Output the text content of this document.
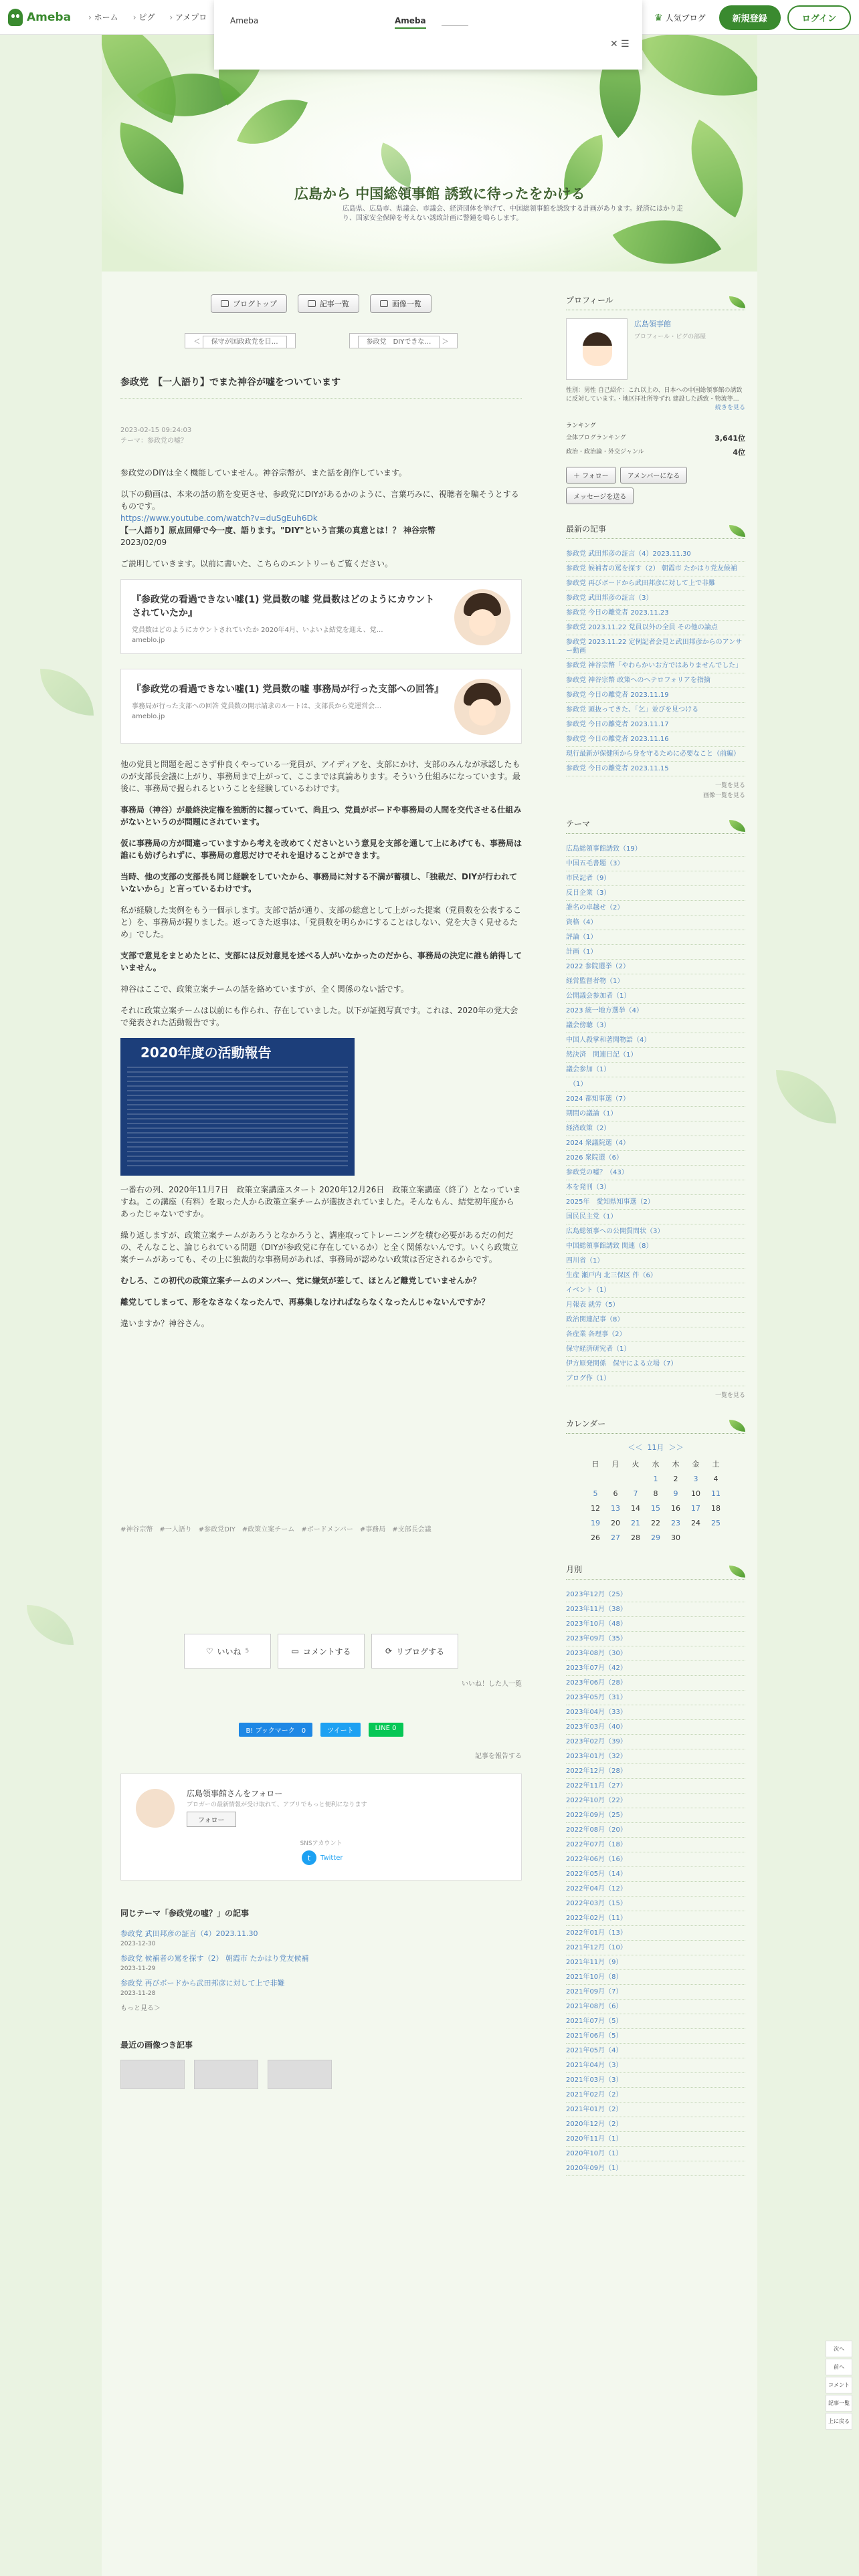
広島から 中国総領事館 誘致に待ったをかける
広島県、広島市、県議会、市議会、経済団体を挙げて、中国総領事館を誘致する計画があります。経済にはかり走り、国家安全保障を考えない誘致計画に警鐘を鳴らします。
Ameba	› ホーム	› ピグ	› アメプロ	♛ 人気ブログ	新規登録	ログイン
Ameba	Ameba
✕ ☰
ブログトップ	記事一覧	画像一覧
＜ 保守が国政政党を目…	参政党　DIYできな… ＞
参政党　【一人語り】でまた神谷が嘘をついています
2023-02-15 09:24:03
テーマ：参政党の嘘？

参政党のDIYは全く機能していません。神谷宗幣が、また話を創作しています。

以下の動画は、本来の話の筋を変更させ、参政党にDIYがあるかのように、言葉巧みに、視聴者を騙そうとするものです。
https://www.youtube.com/watch?v=duSgEuh6Dk
【一人語り】原点回帰で今一度、語ります。"DIY"という言葉の真意とは！？ 神谷宗幣
2023/02/09

ご説明していきます。以前に書いた、こちらのエントリーもご覧ください。

『参政党の看過できない嘘(1) 党員数の嘘 党員数はどのようにカウントされていたか』
党員数はどのようにカウントされていたか 2020年4月、いよいよ結党を迎え、党…
ameblo.jp
『参政党の看過できない嘘(1) 党員数の嘘 事務局が行った支部への回答』
事務局が行った支部への回答 党員数の開示請求のルートは、支部長から党運営会…
ameblo.jp

他の党員と問題を起こさず仲良くやっている一党員が、アイディアを、支部にかけ、支部のみんなが承認したものが支部長会議に上がり、事務局まで上がって、ここまでは真論あります。そういう仕組みになっています。最後に、事務局で握られるということを経験しているわけです。

事務局（神谷）が最終決定権を独断的に握っていて、尚且つ、党員がボードや事務局の人間を交代させる仕組みがないというのが問題にされています。

仮に事務局の方が間違っていますから考えを改めてくださいという意見を支部を通して上にあげても、事務局は誰にも妨げられずに、事務局の意思だけでそれを退けることができます。

当時、他の支部の支部長も同じ経験をしていたから、事務局に対する不満が蓄積し、「独裁だ、DIYが行われていないから」と言っているわけです。

私が経験した実例をもう一個示します。支部で話が通り、支部の総意として上がった提案（党員数を公表すること）を、事務局が握りました。返ってきた返事は、「党員数を明らかにすることはしない、党を大きく見せるため」でした。

支部で意見をまとめたとに、支部には反対意見を述べる人がいなかったのだから、事務局の決定に誰も納得していません。

神谷はここで、政策立案チームの話を絡めていますが、全く関係のない話です。

それに政策立案チームは以前にも作られ、存在していました。以下が証拠写真です。これは、2020年の党大会で発表された活動報告です。

2020年度の活動報告

一番右の列、2020年11月7日　政策立案講座スタート 2020年12月26日　政策立案講座（終了）となっていますね。この講座（有料）を取った人から政策立案チームが選抜されていました。そんなもん、結党初年度からあったじゃないですか。

繰り返しますが、政策立案チームがあろうとなかろうと、講座取ってトレーニングを積む必要があるだの何だの、そんなこと、論じられている問題（DIYが参政党に存在しているか）と全く関係ないんです。いくら政策立案チームがあっても、その上に独裁的な事務局があれば、事務局が認めない政策は否定されるからです。

むしろ、この初代の政策立案チームのメンバー、党に嫌気が差して、ほとんど離党していませんか？

離党してしまって、形をなさなくなったんで、再募集しなければならなくなったんじゃないんですか？

違いますか？神谷さん。

#神谷宗幣 #一人語り #参政党DIY #政策立案チーム #ボードメンバー #事務局 #支部長会議
♡ いいね 5	▭ コメントする	⟳ リブログする
いいね！した人一覧
B! ブックマーク　0	ツイート	LINE 0
記事を報告する
広島領事館さんをフォロー
ブロガーの最新情報が受け取れて、アプリでもっと便利になります
フォロー
SNSアカウント
t	Twitter
同じテーマ「参政党の嘘？」の記事
参政党 武田邦彦の証言（4）2023.11.30
2023-12-30
参政党 候補者の罵を探す（2） 朝霞市 たかはり党友候補
2023-11-29
参政党 再びボードから武田邦彦に対して上で非難
2023-11-28
もっと見る＞
最近の画像つき記事
プロフィール
広島領事館
プロフィール・ピグの部屋
性別：男性 自己紹介：これ以上の、日本への中国総領事館の誘致に反対しています。・地区拝社所等ずれ 建設した誘致・物流等…
続きを見る
ランキング
全体ブログランキング	3,641位
政治・政治論・外交ジャンル	4位
＋ フォロー	アメンバーになる
メッセージを送る
最新の記事
参政党 武田邦彦の証言（4）2023.11.30
参政党 候補者の罵を探す（2） 朝霞市 たかはり党友候補
参政党 再びボードから武田邦彦に対して上で非難
参政党 武田邦彦の証言（3）
参政党 今日の離党者 2023.11.23
参政党 2023.11.22 党員以外の全員 その他の論点
参政党 2023.11.22 定例記者会見と武田邦彦からのアンサー動画
参政党 神谷宗幣「やわらかいお方ではありませんでした」
参政党 神谷宗幣 政策へのヘテロフォリアを指摘
参政党 今日の離党者 2023.11.19
参政党 頭抜ってきた、「乞」並びを見つける
参政党 今日の離党者 2023.11.17
参政党 今日の離党者 2023.11.16
現行最新が保健所から身を守るために必要なこと（前編）
参政党 今日の離党者 2023.11.15
一覧を見る
画像一覧を見る
テーマ
広島総領事館誘致（19）
中国五毛書題（3）
市民記者（9）
反日企業（3）
誰名の卓越せ（2）
資格（4）
評論（1）
計画（1）
2022 参院選挙（2）
経営監督者物（1）
公開議会参加者（1）
2023 統一地方選挙（4）
議会傍聴（3）
中国人殺掌和著聞物語（4）
然決済　関連日記（1）
議会参加（1）
　（1）
2024 都知事選（7）
期間の議論（1）
経済政策（2）
2024 衆議院選（4）
2026 衆院選（6）
参政党の嘘？（43）
本を発刊（3）
2025年　愛知県知事選（2）
国民民主党（1）
広島総領事への公開質問状（3）
中国総領事館誘致 関連（8）
四川省（1）
生産 瀬戸内 北三保区 件（6）
イベント（1）
月報表 就労（5）
政治関連記事（8）
各産業 各理事（2）
保守経済研究者（1）
伊方原発関係　保守による立場（7）
ブログ作（1）
一覧を見る
カレンダー
＜＜ 11月 ＞＞
日	月	火	水	木	金	土
			1	2	3	4
5	6	7	8	9	10	11
12	13	14	15	16	17	18
19	20	21	22	23	24	25
26	27	28	29	30		
月別
2023年12月（25）
2023年11月（38）
2023年10月（48）
2023年09月（35）
2023年08月（30）
2023年07月（42）
2023年06月（28）
2023年05月（31）
2023年04月（33）
2023年03月（40）
2023年02月（39）
2023年01月（32）
2022年12月（28）
2022年11月（27）
2022年10月（22）
2022年09月（25）
2022年08月（20）
2022年07月（18）
2022年06月（16）
2022年05月（14）
2022年04月（12）
2022年03月（15）
2022年02月（11）
2022年01月（13）
2021年12月（10）
2021年11月（9）
2021年10月（8）
2021年09月（7）
2021年08月（6）
2021年07月（5）
2021年06月（5）
2021年05月（4）
2021年04月（3）
2021年03月（3）
2021年02月（2）
2021年01月（2）
2020年12月（2）
2020年11月（1）
2020年10月（1）
2020年09月（1）
次へ
前へ
コメント
記事一覧
上に戻る
